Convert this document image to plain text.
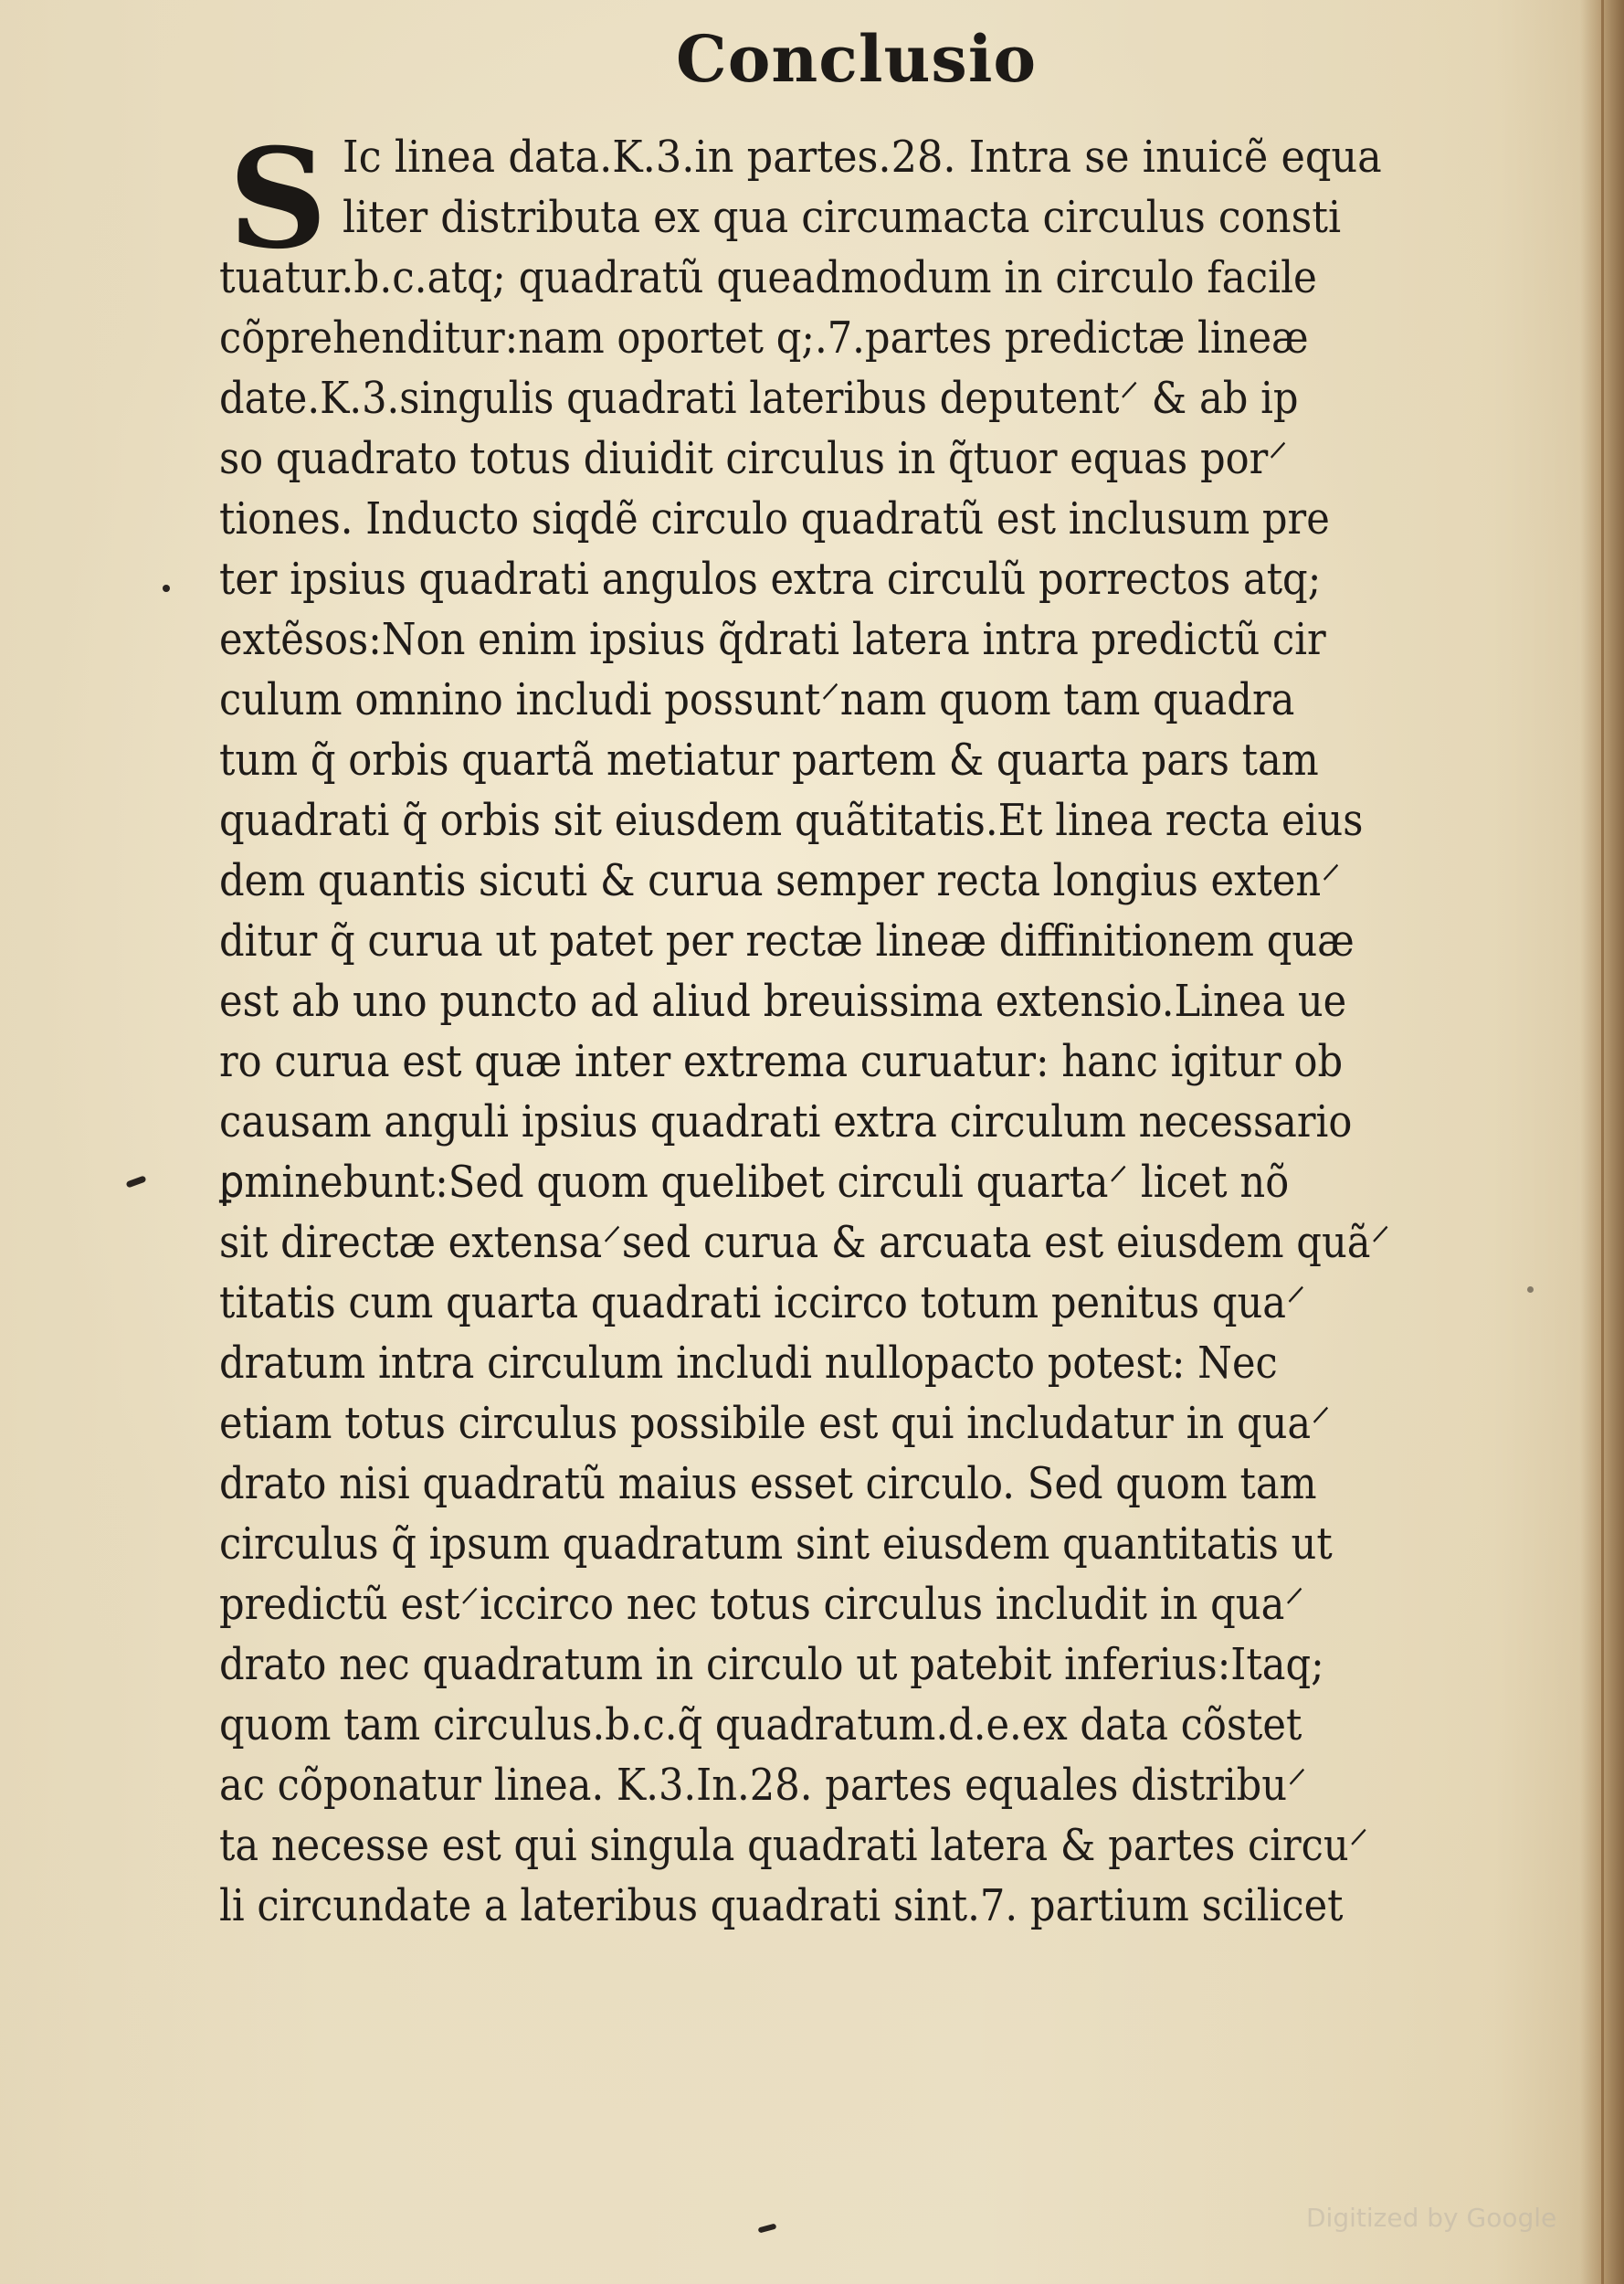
Conclusio
S Ic linea data.K.3.in partes.28. Intra se inuicẽ equa
liter distributa ex qua circumacta circulus consti
tuatur.b.c.atq; quadratũ queadmodum in circulo facile
cõprehenditur:nam oportet q;.7.partes predictæ lineæ
date.K.3.singulis quadrati lateribus deputent⸍ & ab ip
so quadrato totus diuidit circulus in q̃tuor equas por⸍
tiones. Inducto siqdẽ circulo quadratũ est inclusum pre
ter ipsius quadrati angulos extra circulũ porrectos atq;
extẽsos:Non enim ipsius q̃drati latera intra predictũ cir
culum omnino includi possunt⸍nam quom tam quadra
tum q̃ orbis quartã metiatur partem & quarta pars tam
quadrati q̃ orbis sit eiusdem quãtitatis.Et linea recta eius
dem quantis sicuti & curua semper recta longius exten⸍
ditur q̃ curua ut patet per rectæ lineæ diffinitionem quæ
est ab uno puncto ad aliud breuissima extensio.Linea ue
ro curua est quæ inter extrema curuatur: hanc igitur ob
causam anguli ipsius quadrati extra circulum necessario
ꝑminebunt:Sed quom quelibet circuli quarta⸍ licet nõ
sit directæ extensa⸍sed curua & arcuata est eiusdem quã⸍
titatis cum quarta quadrati iccirco totum penitus qua⸍
dratum intra circulum includi nullopacto potest: Nec
etiam totus circulus possibile est qui includatur in qua⸍
drato nisi quadratũ maius esset circulo. Sed quom tam
circulus q̃ ipsum quadratum sint eiusdem quantitatis ut
predictũ est⸍iccirco nec totus circulus includit in qua⸍
drato nec quadratum in circulo ut patebit inferius:Itaq;
quom tam circulus.b.c.q̃ quadratum.d.e.ex data cõstet
ac cõponatur linea. K.3.In.28. partes equales distribu⸍
ta necesse est qui singula quadrati latera & partes circu⸍
li circundate a lateribus quadrati sint.7. partium scilicet
Digitized by Google
